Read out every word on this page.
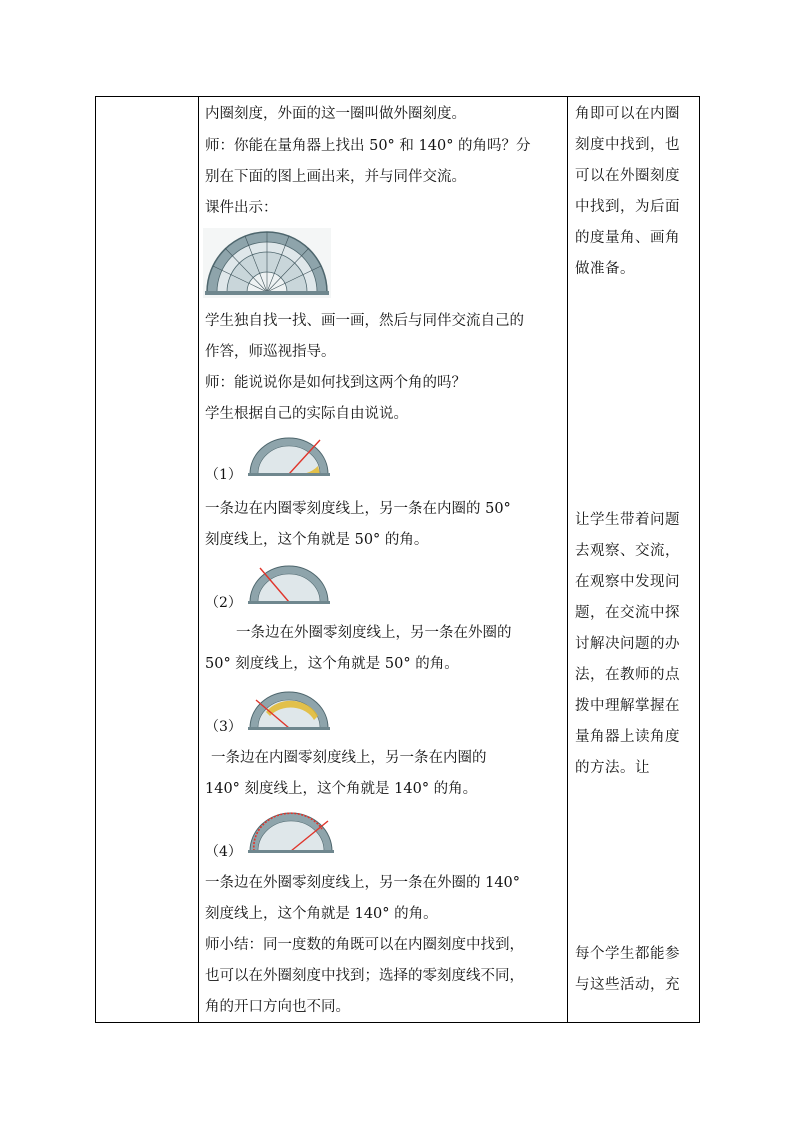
内圈刻度，外面的这一圈叫做外圈刻度。
师：你能在量角器上找出 50° 和 140° 的角吗？分
别在下面的图上画出来，并与同伴交流。
课件出示：
学生独自找一找、画一画，然后与同伴交流自己的
作答，师巡视指导。
师：能说说你是如何找到这两个角的吗？
学生根据自己的实际自由说说。
（1）
一条边在内圈零刻度线上，另一条在内圈的 50°
刻度线上，这个角就是 50° 的角。
（2）
一条边在外圈零刻度线上，另一条在外圈的
50° 刻度线上，这个角就是 50° 的角。
（3）
一条边在内圈零刻度线上，另一条在内圈的
140° 刻度线上，这个角就是 140° 的角。
（4）
一条边在外圈零刻度线上，另一条在外圈的 140°
刻度线上，这个角就是 140° 的角。
师小结：同一度数的角既可以在内圈刻度中找到，
也可以在外圈刻度中找到；选择的零刻度线不同，
角的开口方向也不同。
角即可以在内圈
刻度中找到，也
可以在外圈刻度
中找到，为后面
的度量角、画角
做准备。
让学生带着问题
去观察、交流，
在观察中发现问
题，在交流中探
讨解决问题的办
法，在教师的点
拨中理解掌握在
量角器上读角度
的方法。让
每个学生都能参
与这些活动，充
